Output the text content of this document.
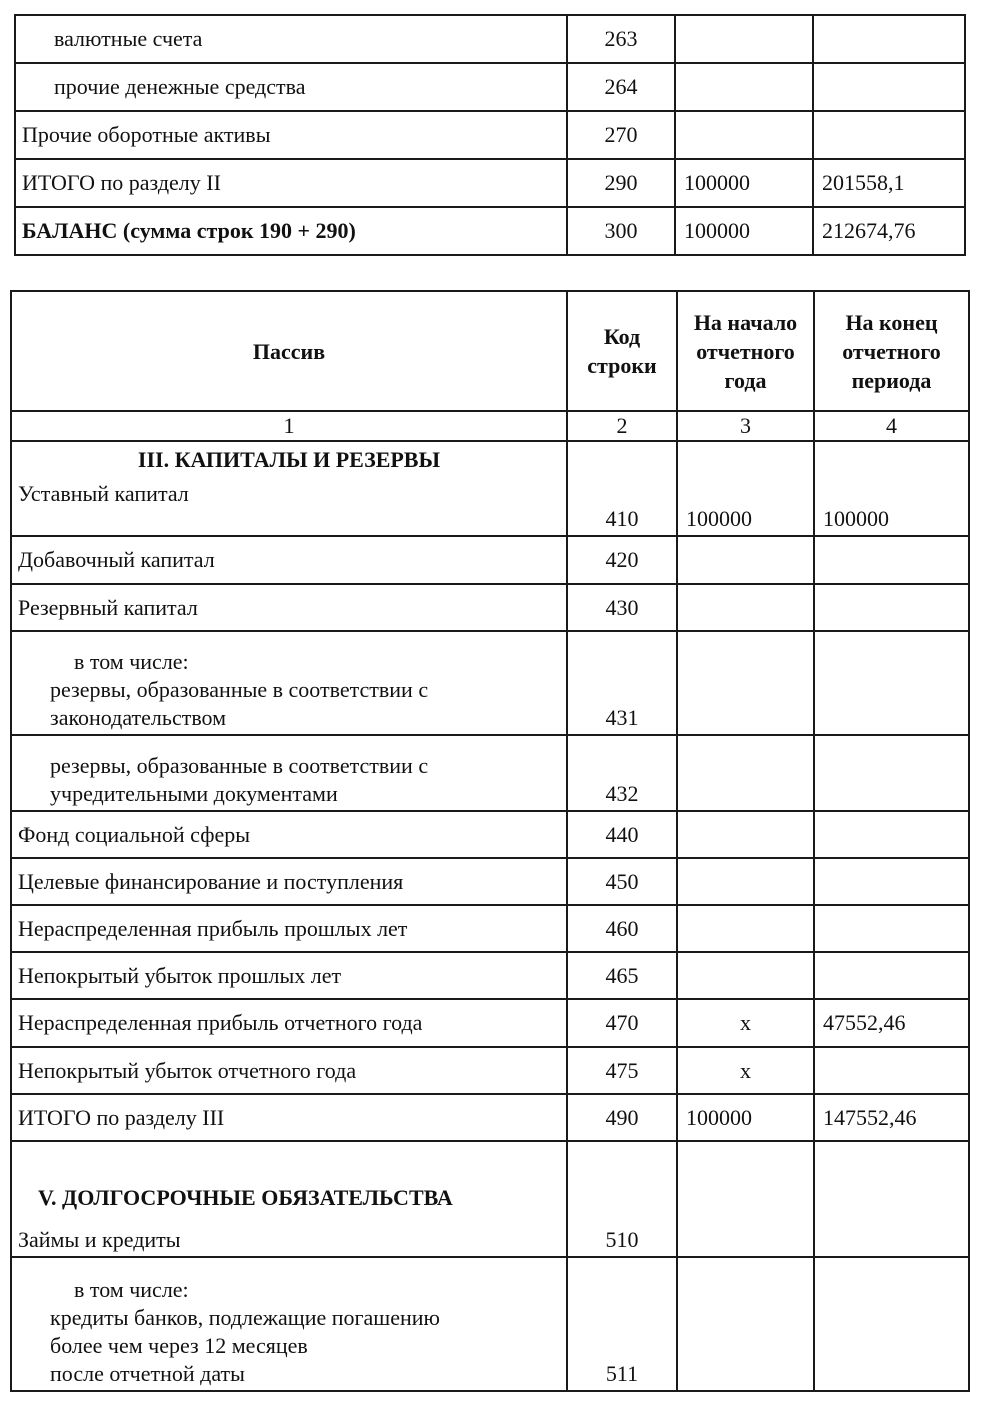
валютные счета	263		
прочие денежные средства	264		
Прочие оборотные активы	270		
ИТОГО по разделу II	290	100000	201558,1
БАЛАНС (сумма строк 190 + 290)	300	100000	212674,76
Пассив	Код строки	На начало отчетного года	На конец отчетного периода
1	2	3	4

III. КАПИТАЛЫ И РЕЗЕРВЫ
Уставный капитал	410	100000	100000
Добавочный капитал	420		
Резервный капитал	430		

в том числе:
резервы, образованные в соответствии с
законодательством	431		

резервы, образованные в соответствии с
учредительными документами	432		
Фонд социальной сферы	440		
Целевые финансирование и поступления	450		
Нераспределенная прибыль прошлых лет	460		
Непокрытый убыток прошлых лет	465		
Нераспределенная прибыль отчетного года	470	x	47552,46
Непокрытый убыток отчетного года	475	x	
ИТОГО по разделу III	490	100000	147552,46

V. ДОЛГОСРОЧНЫЕ ОБЯЗАТЕЛЬСТВА
Займы и кредиты	510		

в том числе:
кредиты банков, подлежащие погашению
более чем через 12 месяцев
после отчетной даты	511		
